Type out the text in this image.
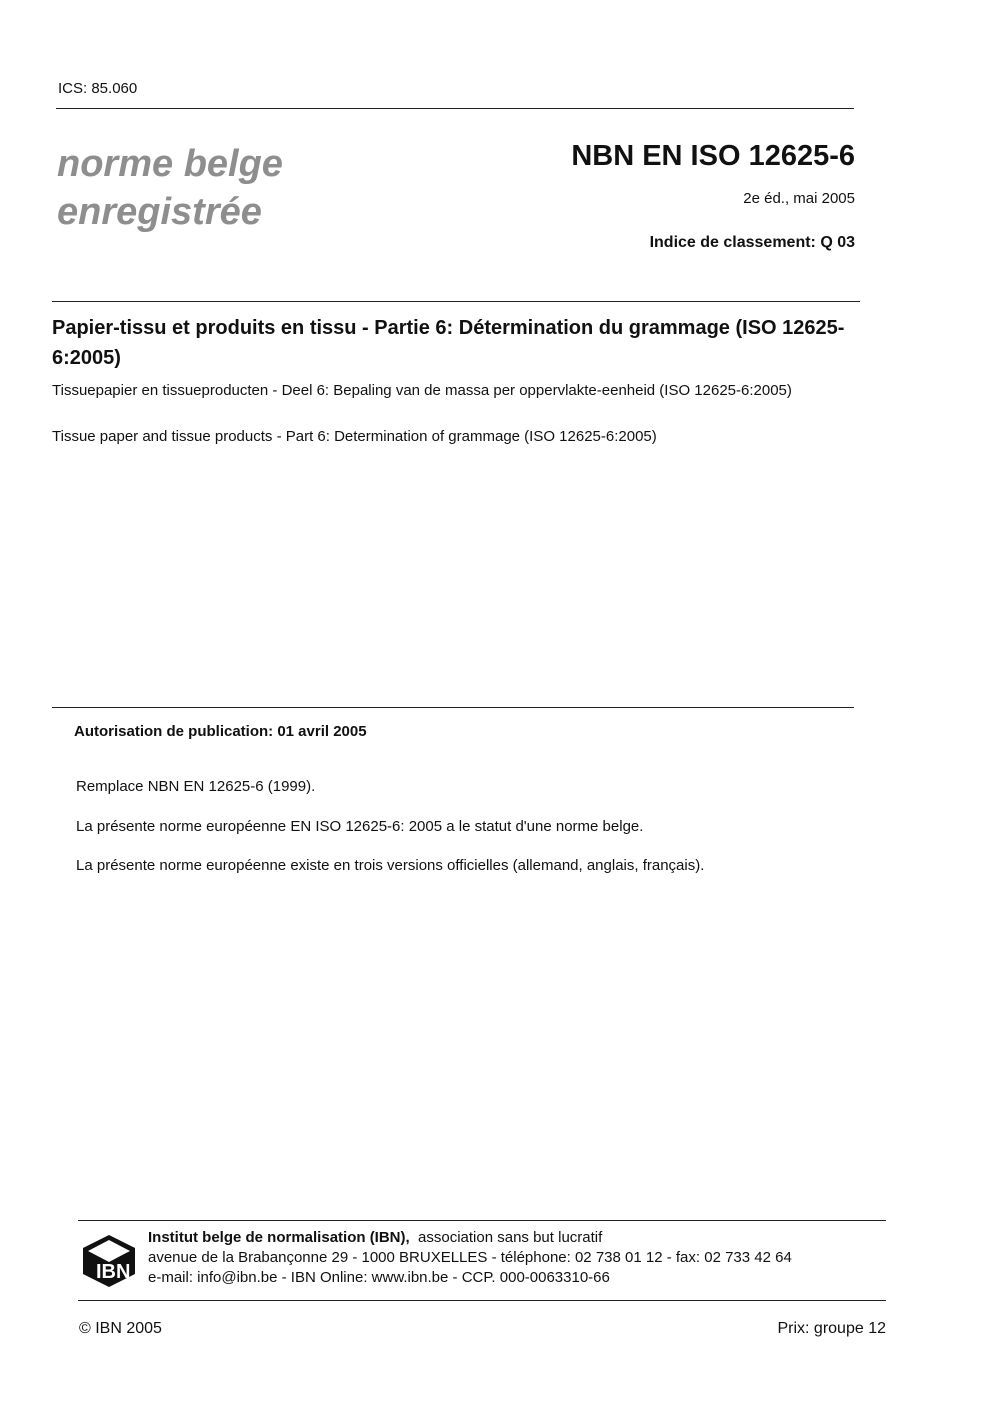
ICS: 85.060
norme belge
enregistrée
NBN EN ISO 12625-6
2e éd., mai 2005
Indice de classement: Q 03
Papier-tissu et produits en tissu - Partie 6: Détermination du grammage (ISO 12625-6:2005)
Tissuepapier en tissueproducten - Deel 6: Bepaling van de massa per oppervlakte-eenheid (ISO 12625-6:2005)
Tissue paper and tissue products - Part 6: Determination of grammage (ISO 12625-6:2005)
Autorisation de publication: 01 avril 2005
Remplace NBN EN 12625-6 (1999).
La présente norme européenne EN ISO 12625-6: 2005 a le statut d'une norme belge.
La présente norme européenne existe en trois versions officielles (allemand, anglais, français).
IBN
Institut belge de normalisation (IBN), association sans but lucratif
avenue de la Brabançonne 29 - 1000 BRUXELLES - téléphone: 02 738 01 12 - fax: 02 733 42 64
e-mail: info@ibn.be - IBN Online: www.ibn.be - CCP. 000-0063310-66
© IBN 2005	Prix: groupe 12
